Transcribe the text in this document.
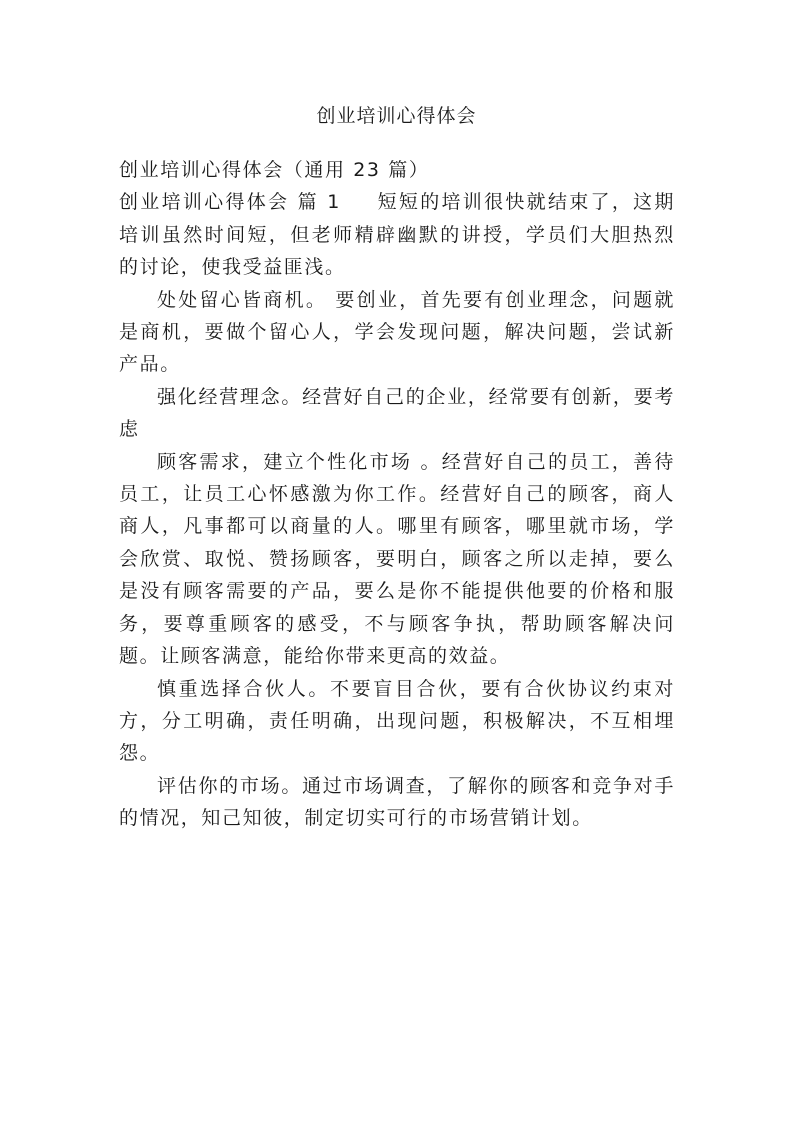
创业培训心得体会

创业培训心得体会（通用 23 篇）

创业培训心得体会 篇 1 短短的培训很快就结束了，这期培训虽然时间短，但老师精辟幽默的讲授，学员们大胆热烈的讨论，使我受益匪浅。

处处留心皆商机。 要创业，首先要有创业理念，问题就是商机，要做个留心人，学会发现问题，解决问题，尝试新产品。

强化经营理念。经营好自己的企业，经常要有创新，要考虑

顾客需求，建立个性化市场 。经营好自己的员工，善待员工，让员工心怀感激为你工作。经营好自己的顾客，商人商人，凡事都可以商量的人。哪里有顾客，哪里就市场，学会欣赏、取悦、赞扬顾客，要明白，顾客之所以走掉，要么是没有顾客需要的产品，要么是你不能提供他要的价格和服务，要尊重顾客的感受，不与顾客争执，帮助顾客解决问题。让顾客满意，能给你带来更高的效益。

慎重选择合伙人。不要盲目合伙，要有合伙协议约束对方，分工明确，责任明确，出现问题，积极解决，不互相埋怨。

评估你的市场。通过市场调查，了解你的顾客和竞争对手的情况，知己知彼，制定切实可行的市场营销计划。
